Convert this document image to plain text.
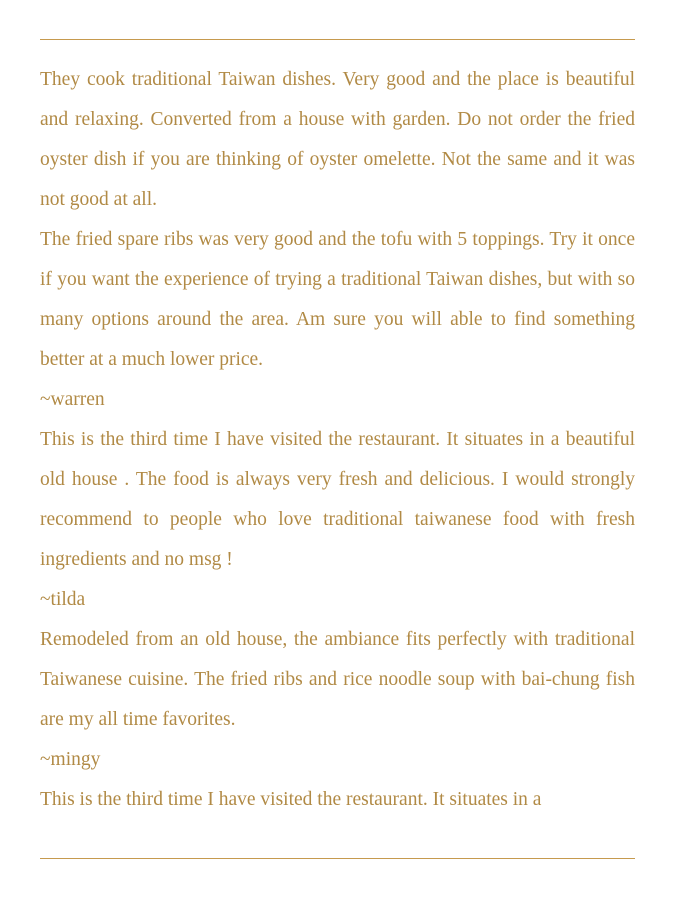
They cook traditional Taiwan dishes. Very good and the place is beautiful and relaxing. Converted from a house with garden. Do not order the fried oyster dish if you are thinking of oyster omelette. Not the same and it was not good at all.

The fried spare ribs was very good and the tofu with 5 toppings. Try it once if you want the experience of trying a traditional Taiwan dishes, but with so many options around the area. Am sure you will able to find something better at a much lower price.

~warren

This is the third time I have visited the restaurant. It situates in a beautiful old house . The food is always very fresh and delicious. I would strongly recommend to people who love traditional taiwanese food with fresh ingredients and no msg !

~tilda

Remodeled from an old house, the ambiance fits perfectly with traditional Taiwanese cuisine. The fried ribs and rice noodle soup with bai-chung fish are my all time favorites.

~mingy

This is the third time I have visited the restaurant. It situates in a
